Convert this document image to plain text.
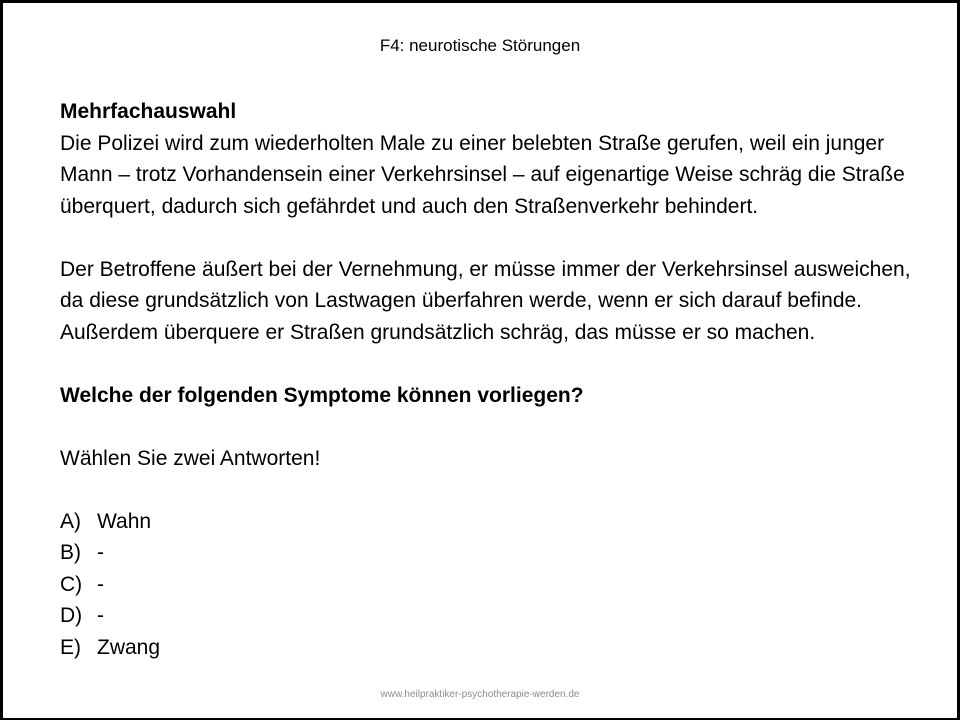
F4: neurotische Störungen

Mehrfachauswahl

Die Polizei wird zum wiederholten Male zu einer belebten Straße gerufen, weil ein junger Mann – trotz Vorhandensein einer Verkehrsinsel – auf eigenartige Weise schräg die Straße überquert, dadurch sich gefährdet und auch den Straßenverkehr behindert.

Der Betroffene äußert bei der Vernehmung, er müsse immer der Verkehrsinsel ausweichen, da diese grundsätzlich von Lastwagen überfahren werde, wenn er sich darauf befinde. Außerdem überquere er Straßen grundsätzlich schräg, das müsse er so machen.

Welche der folgenden Symptome können vorliegen?

Wählen Sie zwei Antworten!

A) Wahn
B) -
C) -
D) -
E) Zwang
www.heilpraktiker-psychotherapie-werden.de
